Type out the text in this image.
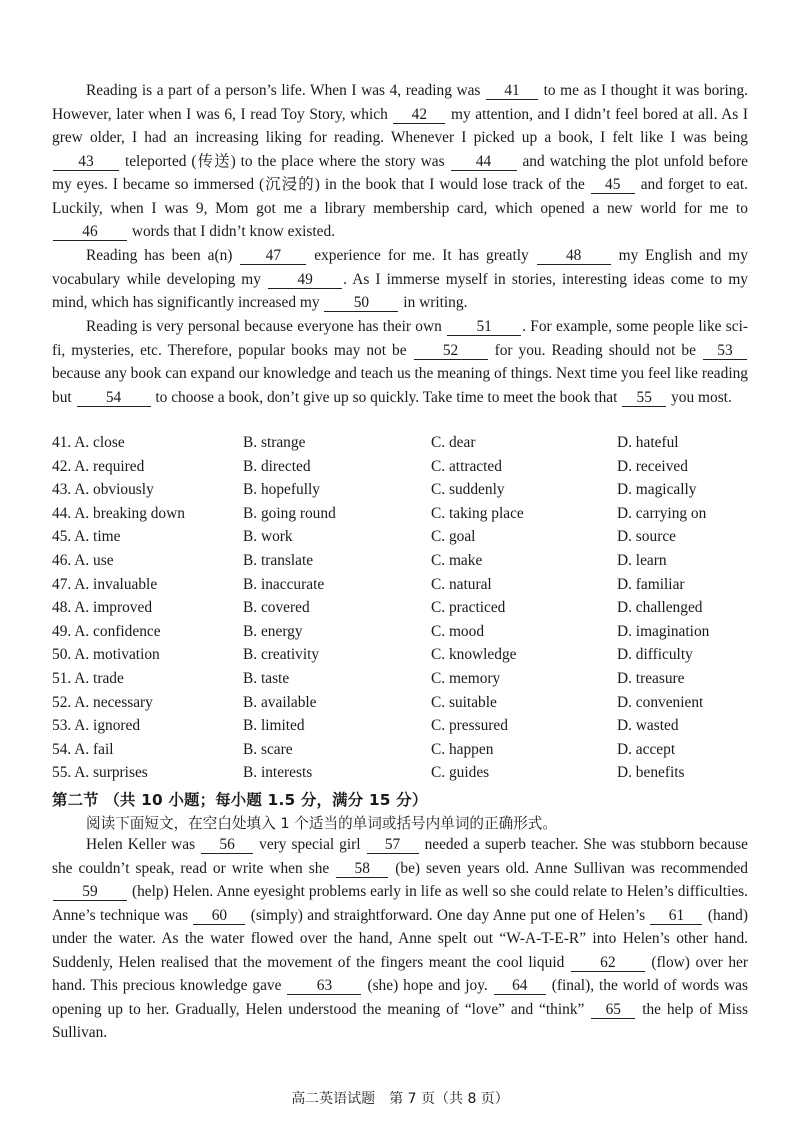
Reading is a part of a person’s life. When I was 4, reading was 41 to me as I thought it was boring. However, later when I was 6, I read Toy Story, which 42 my attention, and I didn’t feel bored at all. As I grew older, I had an increasing liking for reading. Whenever I picked up a book, I felt like I was being 43 teleported (传送) to the place where the story was 44 and watching the plot unfold before my eyes. I became so immersed (沉浸的) in the book that I would lose track of the 45 and forget to eat. Luckily, when I was 9, Mom got me a library membership card, which opened a new world for me to 46 words that I didn’t know existed.
Reading has been a(n) 47 experience for me. It has greatly 48 my English and my vocabulary while developing my 49 . As I immerse myself in stories, interesting ideas come to my mind, which has significantly increased my 50 in writing.
Reading is very personal because everyone has their own 51 . For example, some people like sci-fi, mysteries, etc. Therefore, popular books may not be 52 for you. Reading should not be 53 because any book can expand our knowledge and teach us the meaning of things. Next time you feel like reading but 54 to choose a book, don’t give up so quickly. Take time to meet the book that 55 you most.
41. A. close	B. strange	C. dear	D. hateful
42. A. required	B. directed	C. attracted	D. received
43. A. obviously	B. hopefully	C. suddenly	D. magically
44. A. breaking down	B. going round	C. taking place	D. carrying on
45. A. time	B. work	C. goal	D. source
46. A. use	B. translate	C. make	D. learn
47. A. invaluable	B. inaccurate	C. natural	D. familiar
48. A. improved	B. covered	C. practiced	D. challenged
49. A. confidence	B. energy	C. mood	D. imagination
50. A. motivation	B. creativity	C. knowledge	D. difficulty
51. A. trade	B. taste	C. memory	D. treasure
52. A. necessary	B. available	C. suitable	D. convenient
53. A. ignored	B. limited	C. pressured	D. wasted
54. A. fail	B. scare	C. happen	D. accept
55. A. surprises	B. interests	C. guides	D. benefits
第二节 （共 10 小题；每小题 1.5 分，满分 15 分）
阅读下面短文，在空白处填入 1 个适当的单词或括号内单词的正确形式。
Helen Keller was 56 very special girl 57 needed a superb teacher. She was stubborn because she couldn’t speak, read or write when she 58 (be) seven years old. Anne Sullivan was recommended 59 (help) Helen. Anne eyesight problems early in life as well so she could relate to Helen’s difficulties. Anne’s technique was 60 (simply) and straightforward. One day Anne put one of Helen’s 61 (hand) under the water. As the water flowed over the hand, Anne spelt out “W-A-T-E-R” into Helen’s other hand. Suddenly, Helen realised that the movement of the fingers meant the cool liquid 62 (flow) over her hand. This precious knowledge gave 63 (she) hope and joy. 64 (final), the world of words was opening up to her. Gradually, Helen understood the meaning of “love” and “think” 65 the help of Miss Sullivan.
高二英语试题　第 7 页（共 8 页）
